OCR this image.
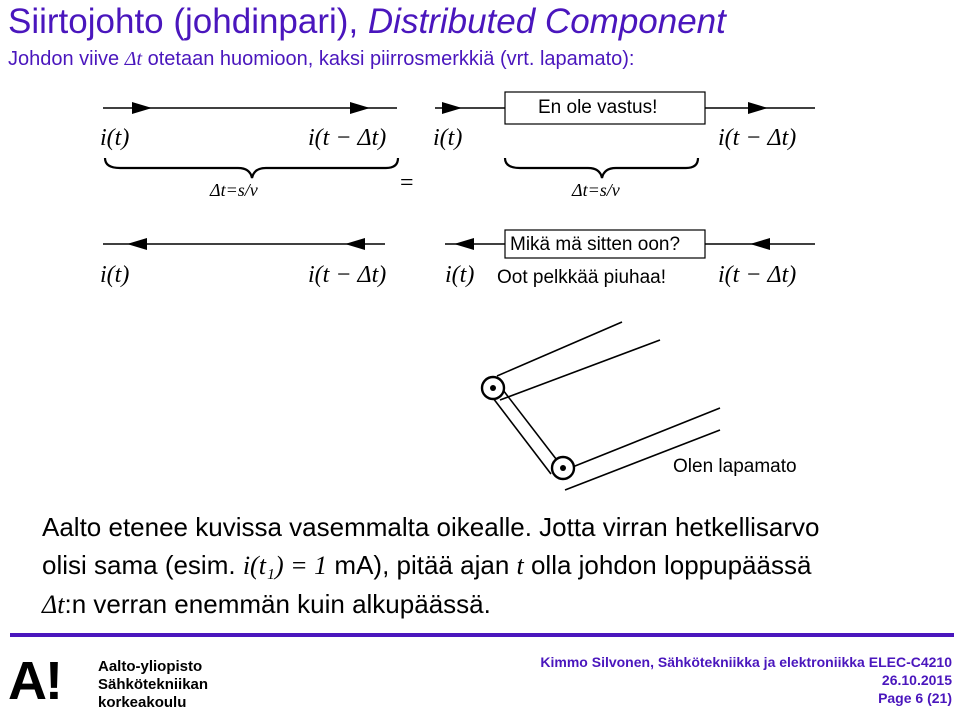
Siirtojohto (johdinpari), Distributed Component
Johdon viive Δt otetaan huomioon, kaksi piirrosmerkkiä (vrt. lapamato):
i(t)	i(t − Δt)
Δt=s/v	=
i(t)	i(t − Δt)
Δt=s/v
i(t)	i(t − Δt) i(t)	i(t − Δt)
En ole vastus!
Mikä mä sitten oon?
Oot pelkkää piuhaa!
Olen lapamato
Aalto etenee kuvissa vasemmalta oikealle. Jotta virran hetkellisarvo
olisi sama (esim. i(t₁) = 1 mA), pitää ajan t olla johdon loppupäässä
Δt:n verran enemmän kuin alkupäässä.
A! Aalto-yliopisto
Sähkötekniikan
korkeakoulu
Kimmo Silvonen, Sähkötekniikka ja elektroniikka ELEC-C4210
26.10.2015
Page 6 (21)
